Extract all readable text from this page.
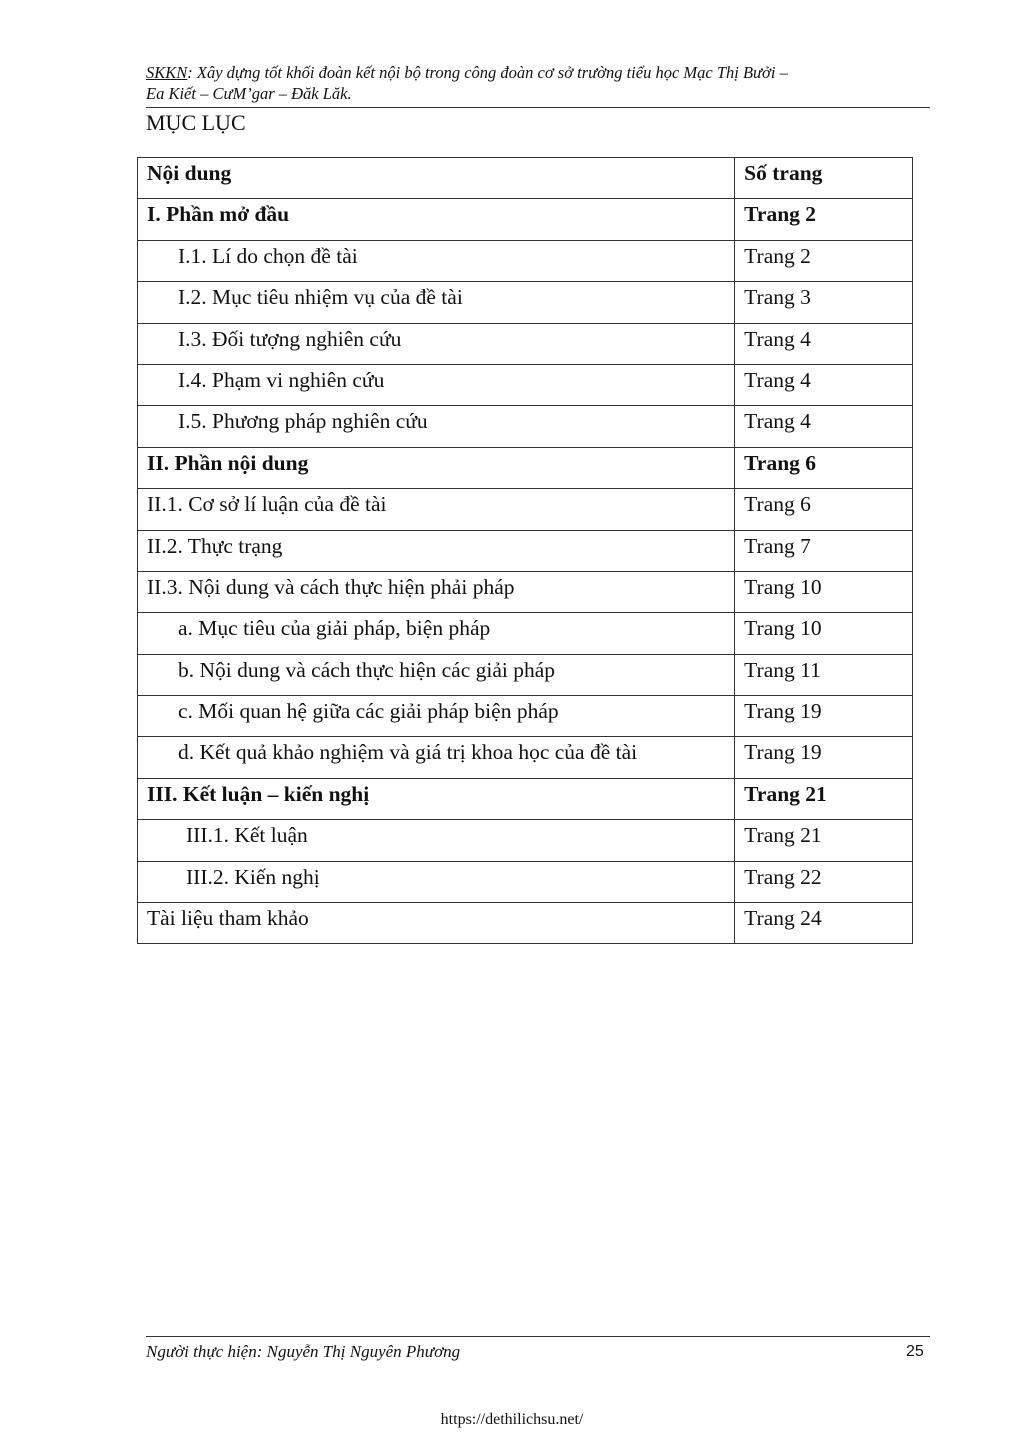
SKKN: Xây dựng tốt khối đoàn kết nội bộ trong công đoàn cơ sở trường tiểu học Mạc Thị Bưởi –
Ea Kiết – CưM’gar – Đăk Lăk.
MỤC LỤC
Nội dung	Số trang
I. Phần mở đầu	Trang 2
I.1. Lí do chọn đề tài	Trang 2
I.2. Mục tiêu nhiệm vụ của đề tài	Trang 3
I.3. Đối tượng nghiên cứu	Trang 4
I.4. Phạm vi nghiên cứu	Trang 4
I.5. Phương pháp nghiên cứu	Trang 4
II. Phần nội dung	Trang 6
II.1. Cơ sở lí luận của đề tài	Trang 6
II.2. Thực trạng	Trang 7
II.3. Nội dung và cách thực hiện phải pháp	Trang 10
a. Mục tiêu của giải pháp, biện pháp	Trang 10
b. Nội dung và cách thực hiện các giải pháp	Trang 11
c. Mối quan hệ giữa các giải pháp biện pháp	Trang 19
d. Kết quả khảo nghiệm và giá trị khoa học của đề tài	Trang 19
III. Kết luận – kiến nghị	Trang 21
III.1. Kết luận	Trang 21
III.2. Kiến nghị	Trang 22
Tài liệu tham khảo	Trang 24
Người thực hiện: Nguyễn Thị Nguyên Phương	25
https://dethilichsu.net/
